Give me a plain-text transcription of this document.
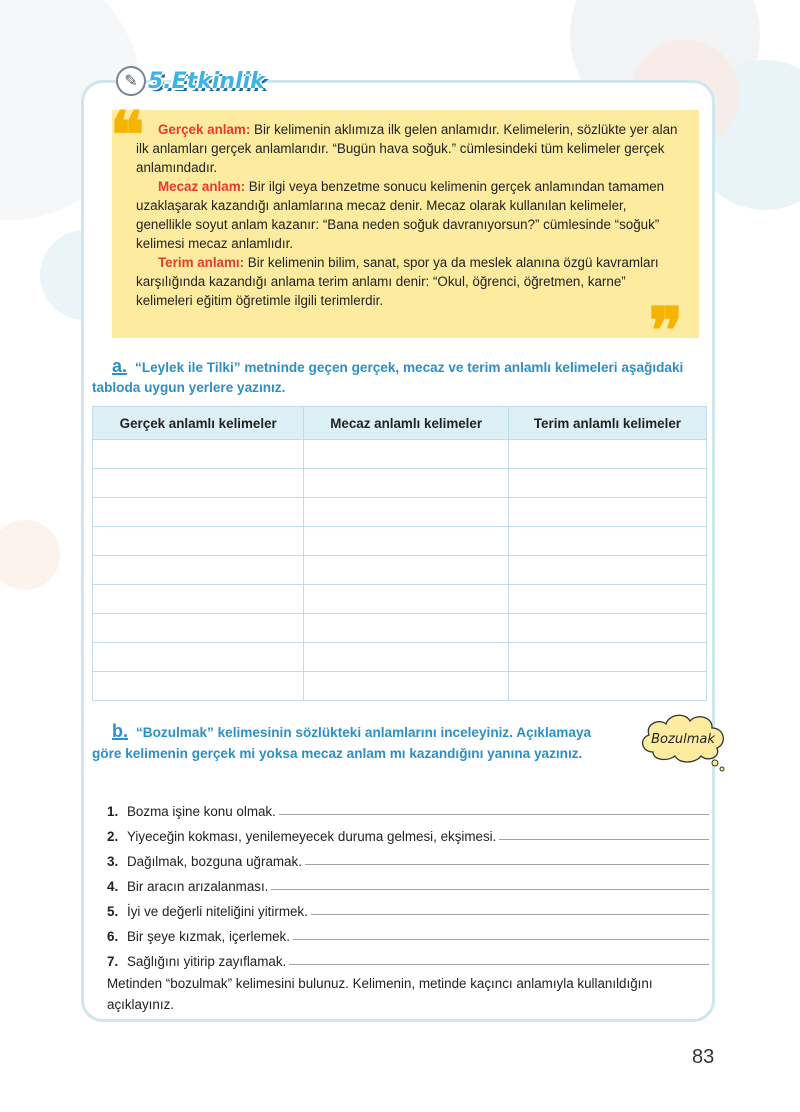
✎ 5.Etkinlik
❝	Gerçek anlam: Bir kelimenin aklımıza ilk gelen anlamıdır. Kelimelerin, sözlükte yer alan ilk anlamları gerçek anlamlarıdır. “Bugün hava soğuk.” cümlesindeki tüm kelimeler gerçek anlamındadır.

Mecaz anlam: Bir ilgi veya benzetme sonucu kelimenin gerçek anlamından tamamen uzaklaşarak kazandığı anlamlarına mecaz denir. Mecaz olarak kullanılan kelimeler, genellikle soyut anlam kazanır: “Bana neden soğuk davranıyorsun?” cümlesinde “soğuk” kelimesi mecaz anlamlıdır.

Terim anlamı: Bir kelimenin bilim, sanat, spor ya da meslek alanına özgü kavramları karşılığında kazandığı anlama terim anlamı denir: “Okul, öğrenci, öğretmen, karne” kelimeleri eğitim öğretimle ilgili terimlerdir.	❞
a. “Leylek ile Tilki” metninde geçen gerçek, mecaz ve terim anlamlı kelimeleri aşağıdaki tabloda uygun yerlere yazınız.
Gerçek anlamlı kelimeler	Mecaz anlamlı kelimeler	Terim anlamlı kelimeler

b. “Bozulmak” kelimesinin sözlükteki anlamlarını inceleyiniz. Açıklamaya göre kelimenin gerçek mi yoksa mecaz anlam mı kazandığını yanına yazınız.
Bozulmak
1. Bozma işine konu olmak.
2. Yiyeceğin kokması, yenilemeyecek duruma gelmesi, ekşimesi.
3. Dağılmak, bozguna uğramak.
4. Bir aracın arızalanması.
5. İyi ve değerli niteliğini yitirmek.
6. Bir şeye kızmak, içerlemek.
7. Sağlığını yitirip zayıflamak.
Metinden “bozulmak” kelimesini bulunuz. Kelimenin, metinde kaçıncı anlamıyla kullanıldığını açıklayınız.
83
